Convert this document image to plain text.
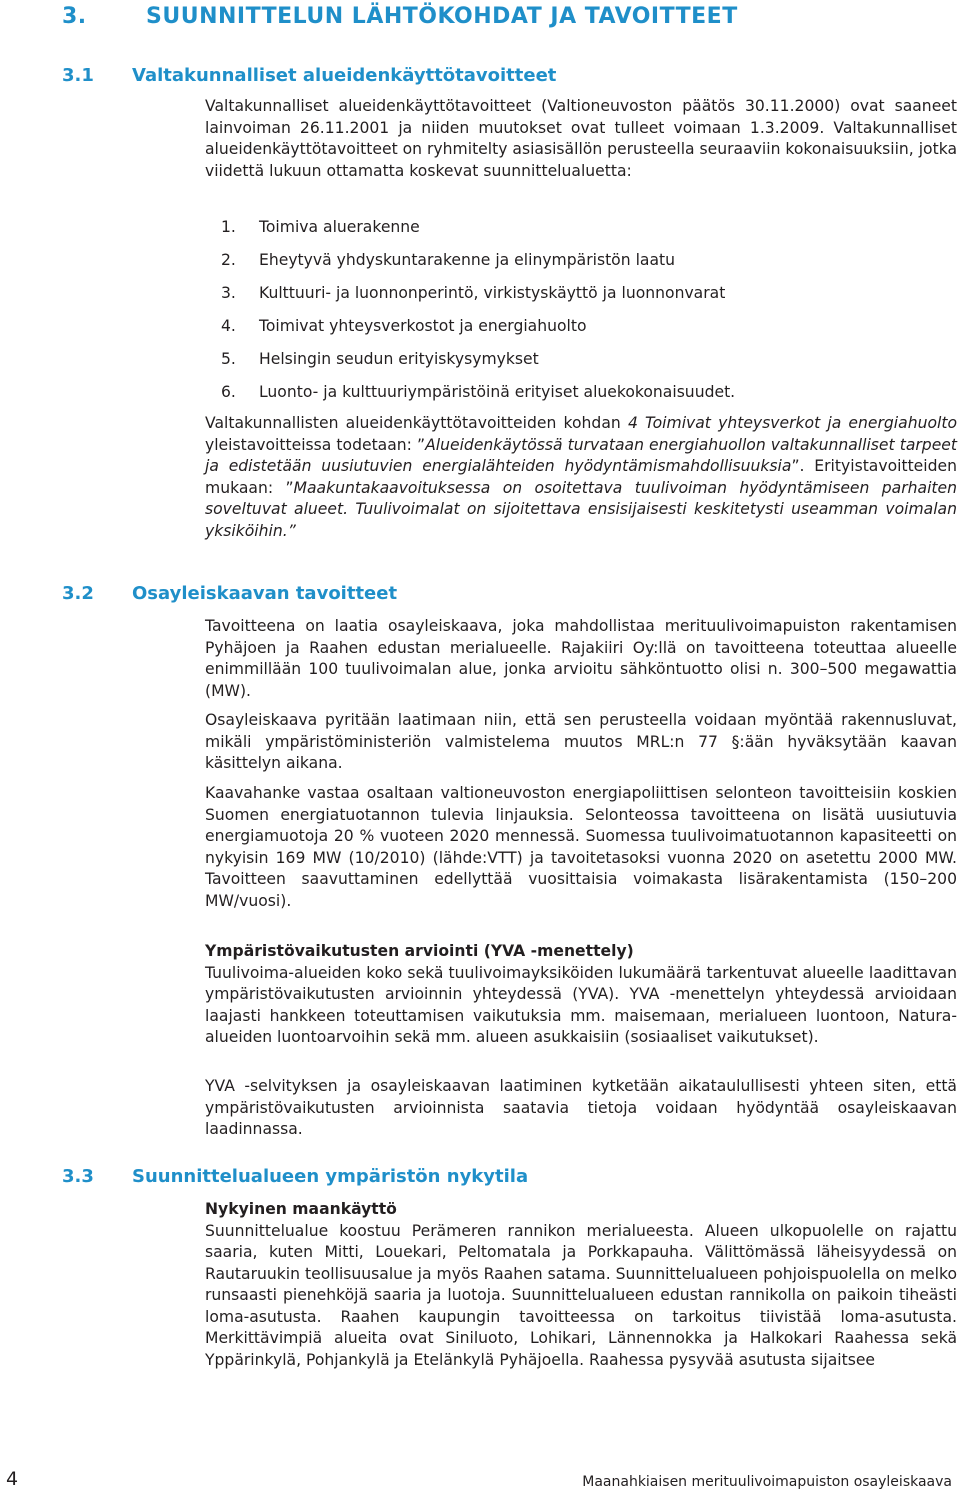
3.	SUUNNITTELUN LÄHTÖKOHDAT JA TAVOITTEET
3.1 Valtakunnalliset alueidenkäyttötavoitteet

Valtakunnalliset alueidenkäyttötavoitteet (Valtioneuvoston päätös 30.11.2000) ovat saaneet lainvoiman 26.11.2001 ja niiden muutokset ovat tulleet voimaan 1.3.2009. Valtakunnalliset alueidenkäyttötavoitteet on ryhmitelty asiasisällön perusteella seuraaviin kokonaisuuksiin, jotka viidettä lukuun ottamatta koskevat suunnittelualuetta:

1. Toimiva aluerakenne
2. Eheytyvä yhdyskuntarakenne ja elinympäristön laatu
3. Kulttuuri- ja luonnonperintö, virkistyskäyttö ja luonnonvarat
4. Toimivat yhteysverkostot ja energiahuolto
5. Helsingin seudun erityiskysymykset
6. Luonto- ja kulttuuriympäristöinä erityiset aluekokonaisuudet.

Valtakunnallisten alueidenkäyttötavoitteiden kohdan 4 Toimivat yhteysverkot ja energiahuolto yleistavoitteissa todetaan: ”Alueidenkäytössä turvataan energiahuollon valtakunnalliset tarpeet ja edistetään uusiutuvien energialähteiden hyödyntämismahdollisuuksia”. Erityistavoitteiden mukaan: ”Maakuntakaavoituksessa on osoitettava tuulivoiman hyödyntämiseen parhaiten soveltuvat alueet. Tuulivoimalat on sijoitettava ensisijaisesti keskitetysti useamman voimalan yksiköihin.”

3.2 Osayleiskaavan tavoitteet

Tavoitteena on laatia osayleiskaava, joka mahdollistaa merituulivoimapuiston rakentamisen Pyhäjoen ja Raahen edustan merialueelle. Rajakiiri Oy:llä on tavoitteena toteuttaa alueelle enimmillään 100 tuulivoimalan alue, jonka arvioitu sähköntuotto olisi n. 300–500 megawattia (MW).

Osayleiskaava pyritään laatimaan niin, että sen perusteella voidaan myöntää rakennusluvat, mikäli ympäristöministeriön valmistelema muutos MRL:n 77 §:ään hyväksytään kaavan käsittelyn aikana.

Kaavahanke vastaa osaltaan valtioneuvoston energiapoliittisen selonteon tavoitteisiin koskien Suomen energiatuotannon tulevia linjauksia. Selonteossa tavoitteena on lisätä uusiutuvia energiamuotoja 20 % vuoteen 2020 mennessä. Suomessa tuulivoimatuotannon kapasiteetti on nykyisin 169 MW (10/2010) (lähde:VTT) ja tavoitetasoksi vuonna 2020 on asetettu 2000 MW. Tavoitteen saavuttaminen edellyttää vuosittaisia voimakasta lisärakentamista (150–200 MW/vuosi).

Ympäristövaikutusten arviointi (YVA -menettely)
Tuulivoima-alueiden koko sekä tuulivoimayksiköiden lukumäärä tarkentuvat alueelle laadittavan ympäristövaikutusten arvioinnin yhteydessä (YVA). YVA -menettelyn yhteydessä arvioidaan laajasti hankkeen toteuttamisen vaikutuksia mm. maisemaan, merialueen luontoon, Natura-alueiden luontoarvoihin sekä mm. alueen asukkaisiin (sosiaaliset vaikutukset).

YVA -selvityksen ja osayleiskaavan laatiminen kytketään aikataulullisesti yhteen siten, että ympäristövaikutusten arvioinnista saatavia tietoja voidaan hyödyntää osayleiskaavan laadinnassa.

3.3 Suunnittelualueen ympäristön nykytila

Nykyinen maankäyttö
Suunnittelualue koostuu Perämeren rannikon merialueesta. Alueen ulkopuolelle on rajattu saaria, kuten Mitti, Louekari, Peltomatala ja Porkkapauha. Välittömässä läheisyydessä on Rautaruukin teollisuusalue ja myös Raahen satama. Suunnittelualueen pohjoispuolella on melko runsaasti pienehköjä saaria ja luotoja. Suunnittelualueen edustan rannikolla on paikoin tiheästi loma-asutusta. Raahen kaupungin tavoitteessa on tarkoitus tiivistää loma-asutusta. Merkittävimpiä alueita ovat Siniluoto, Lohikari, Lännennokka ja Halkokari Raahessa sekä Yppärinkylä, Pohjankylä ja Etelänkylä Pyhäjoella. Raahessa pysyvää asutusta sijaitsee

4	Maanahkiaisen merituulivoimapuiston osayleiskaava
